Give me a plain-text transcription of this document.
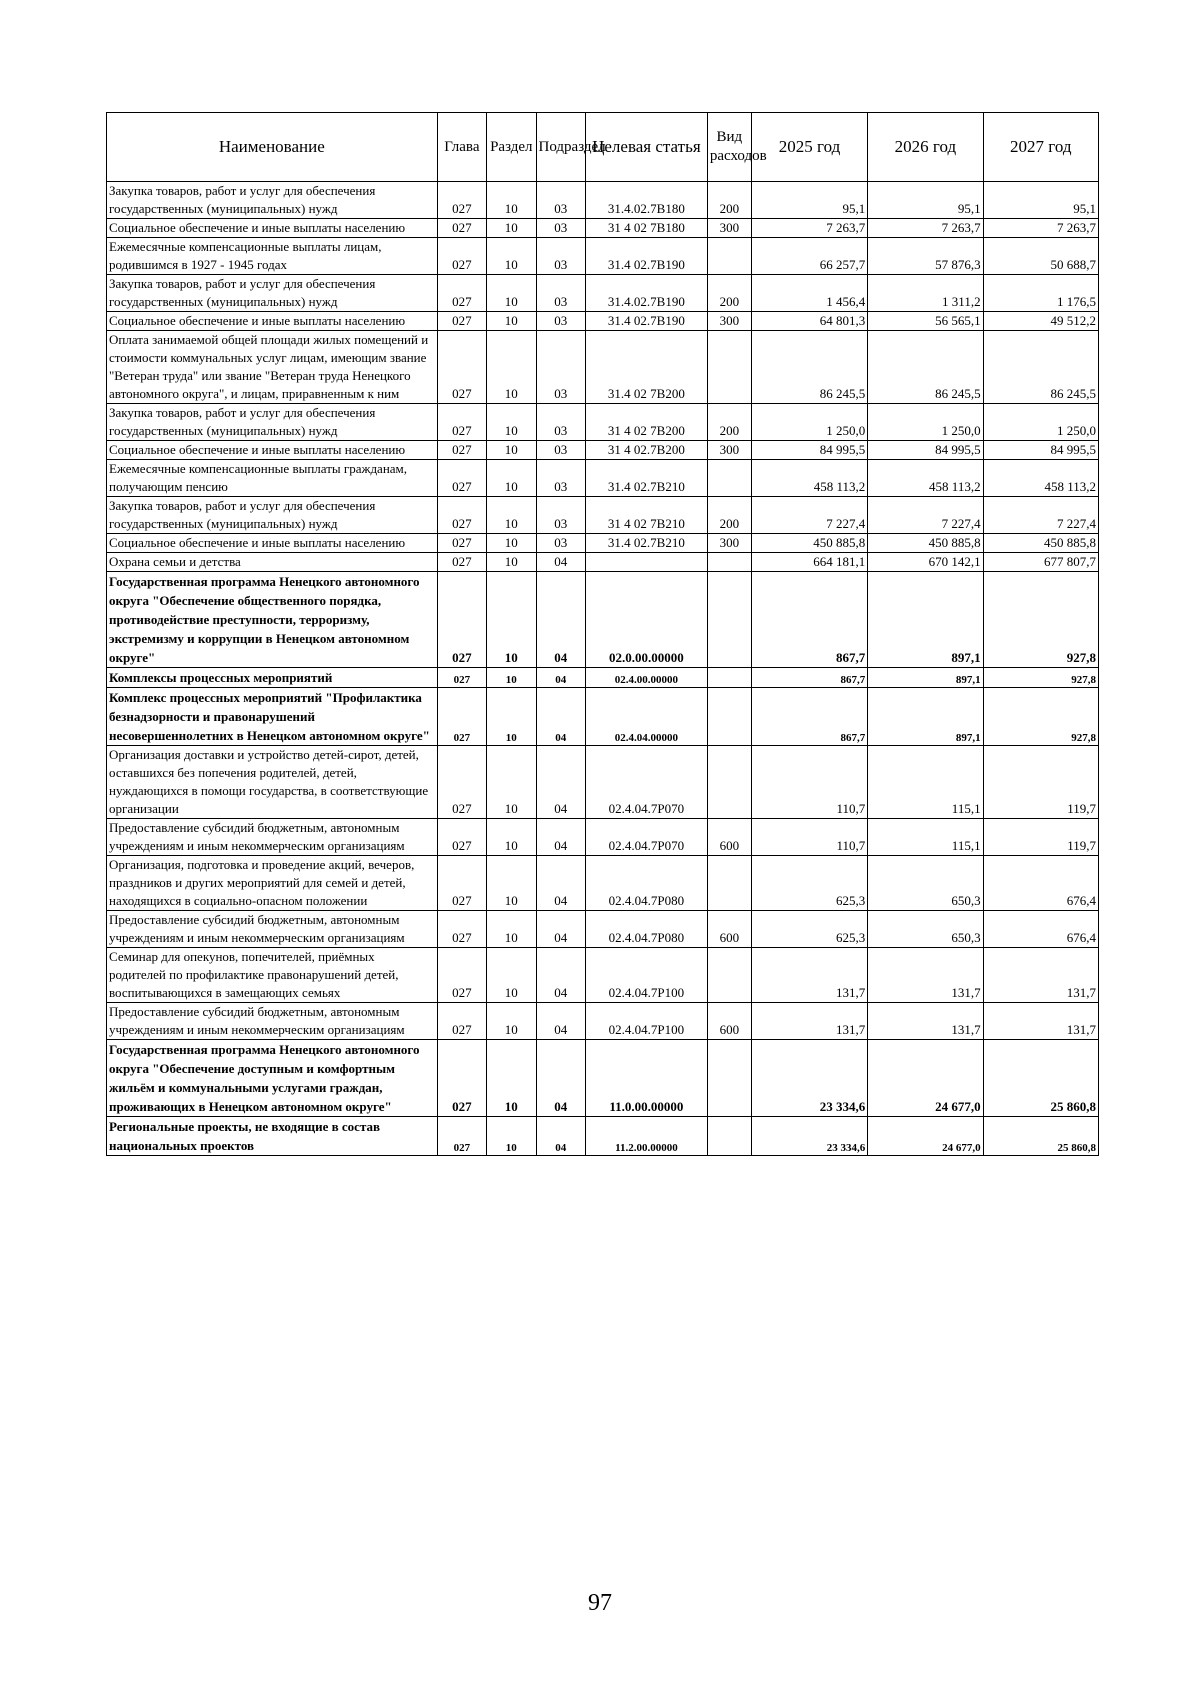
Наименование	Глава	Раздел	Подраздел	Целевая статья	Вид расходов	2025 год	2026 год	2027 год
Закупка товаров, работ и услуг для обеспечения государственных (муниципальных) нужд	027	10	03	31.4.02.7В180	200	95,1	95,1	95,1
Социальное обеспечение и иные выплаты населению	027	10	03	31 4 02 7В180	300	7 263,7	7 263,7	7 263,7
Ежемесячные компенсационные выплаты лицам, родившимся в 1927 - 1945 годах	027	10	03	31.4 02.7В190		66 257,7	57 876,3	50 688,7
Закупка товаров, работ и услуг для обеспечения государственных (муниципальных) нужд	027	10	03	31.4.02.7В190	200	1 456,4	1 311,2	1 176,5
Социальное обеспечение и иные выплаты населению	027	10	03	31.4 02.7В190	300	64 801,3	56 565,1	49 512,2
Оплата занимаемой общей площади жилых помещений и стоимости коммунальных услуг лицам, имеющим звание "Ветеран труда" или звание "Ветеран труда Ненецкого автономного округа", и лицам, приравненным к ним	027	10	03	31.4 02 7В200		86 245,5	86 245,5	86 245,5
Закупка товаров, работ и услуг для обеспечения государственных (муниципальных) нужд	027	10	03	31 4 02 7В200	200	1 250,0	1 250,0	1 250,0
Социальное обеспечение и иные выплаты населению	027	10	03	31 4 02.7В200	300	84 995,5	84 995,5	84 995,5
Ежемесячные компенсационные выплаты гражданам, получающим пенсию	027	10	03	31.4 02.7В210		458 113,2	458 113,2	458 113,2
Закупка товаров, работ и услуг для обеспечения государственных (муниципальных) нужд	027	10	03	31 4 02 7В210	200	7 227,4	7 227,4	7 227,4
Социальное обеспечение и иные выплаты населению	027	10	03	31.4 02.7В210	300	450 885,8	450 885,8	450 885,8
Охрана семьи и детства	027	10	04			664 181,1	670 142,1	677 807,7
Государственная программа Ненецкого автономного округа "Обеспечение общественного порядка, противодействие преступности, терроризму, экстремизму и коррупции в Ненецком автономном округе"	027	10	04	02.0.00.00000		867,7	897,1	927,8
Комплексы процессных мероприятий	027	10	04	02.4.00.00000		867,7	897,1	927,8
Комплекс процессных мероприятий "Профилактика безнадзорности и правонарушений несовершеннолетних в Ненецком автономном округе"	027	10	04	02.4.04.00000		867,7	897,1	927,8
Организация доставки и устройство детей-сирот, детей, оставшихся без попечения родителей, детей, нуждающихся в помощи государства, в соответствующие организации	027	10	04	02.4.04.7Р070		110,7	115,1	119,7
Предоставление субсидий бюджетным, автономным учреждениям и иным некоммерческим организациям	027	10	04	02.4.04.7Р070	600	110,7	115,1	119,7
Организация, подготовка и проведение акций, вечеров, праздников и других мероприятий для семей и детей, находящихся в социально-опасном положении	027	10	04	02.4.04.7Р080		625,3	650,3	676,4
Предоставление субсидий бюджетным, автономным учреждениям и иным некоммерческим организациям	027	10	04	02.4.04.7Р080	600	625,3	650,3	676,4
Семинар для опекунов, попечителей, приёмных родителей по профилактике правонарушений детей, воспитывающихся в замещающих семьях	027	10	04	02.4.04.7Р100		131,7	131,7	131,7
Предоставление субсидий бюджетным, автономным учреждениям и иным некоммерческим организациям	027	10	04	02.4.04.7Р100	600	131,7	131,7	131,7
Государственная программа Ненецкого автономного округа "Обеспечение доступным и комфортным жильём и коммунальными услугами граждан, проживающих в Ненецком автономном округе"	027	10	04	11.0.00.00000		23 334,6	24 677,0	25 860,8
Региональные проекты, не входящие в состав национальных проектов	027	10	04	11.2.00.00000		23 334,6	24 677,0	25 860,8
97
